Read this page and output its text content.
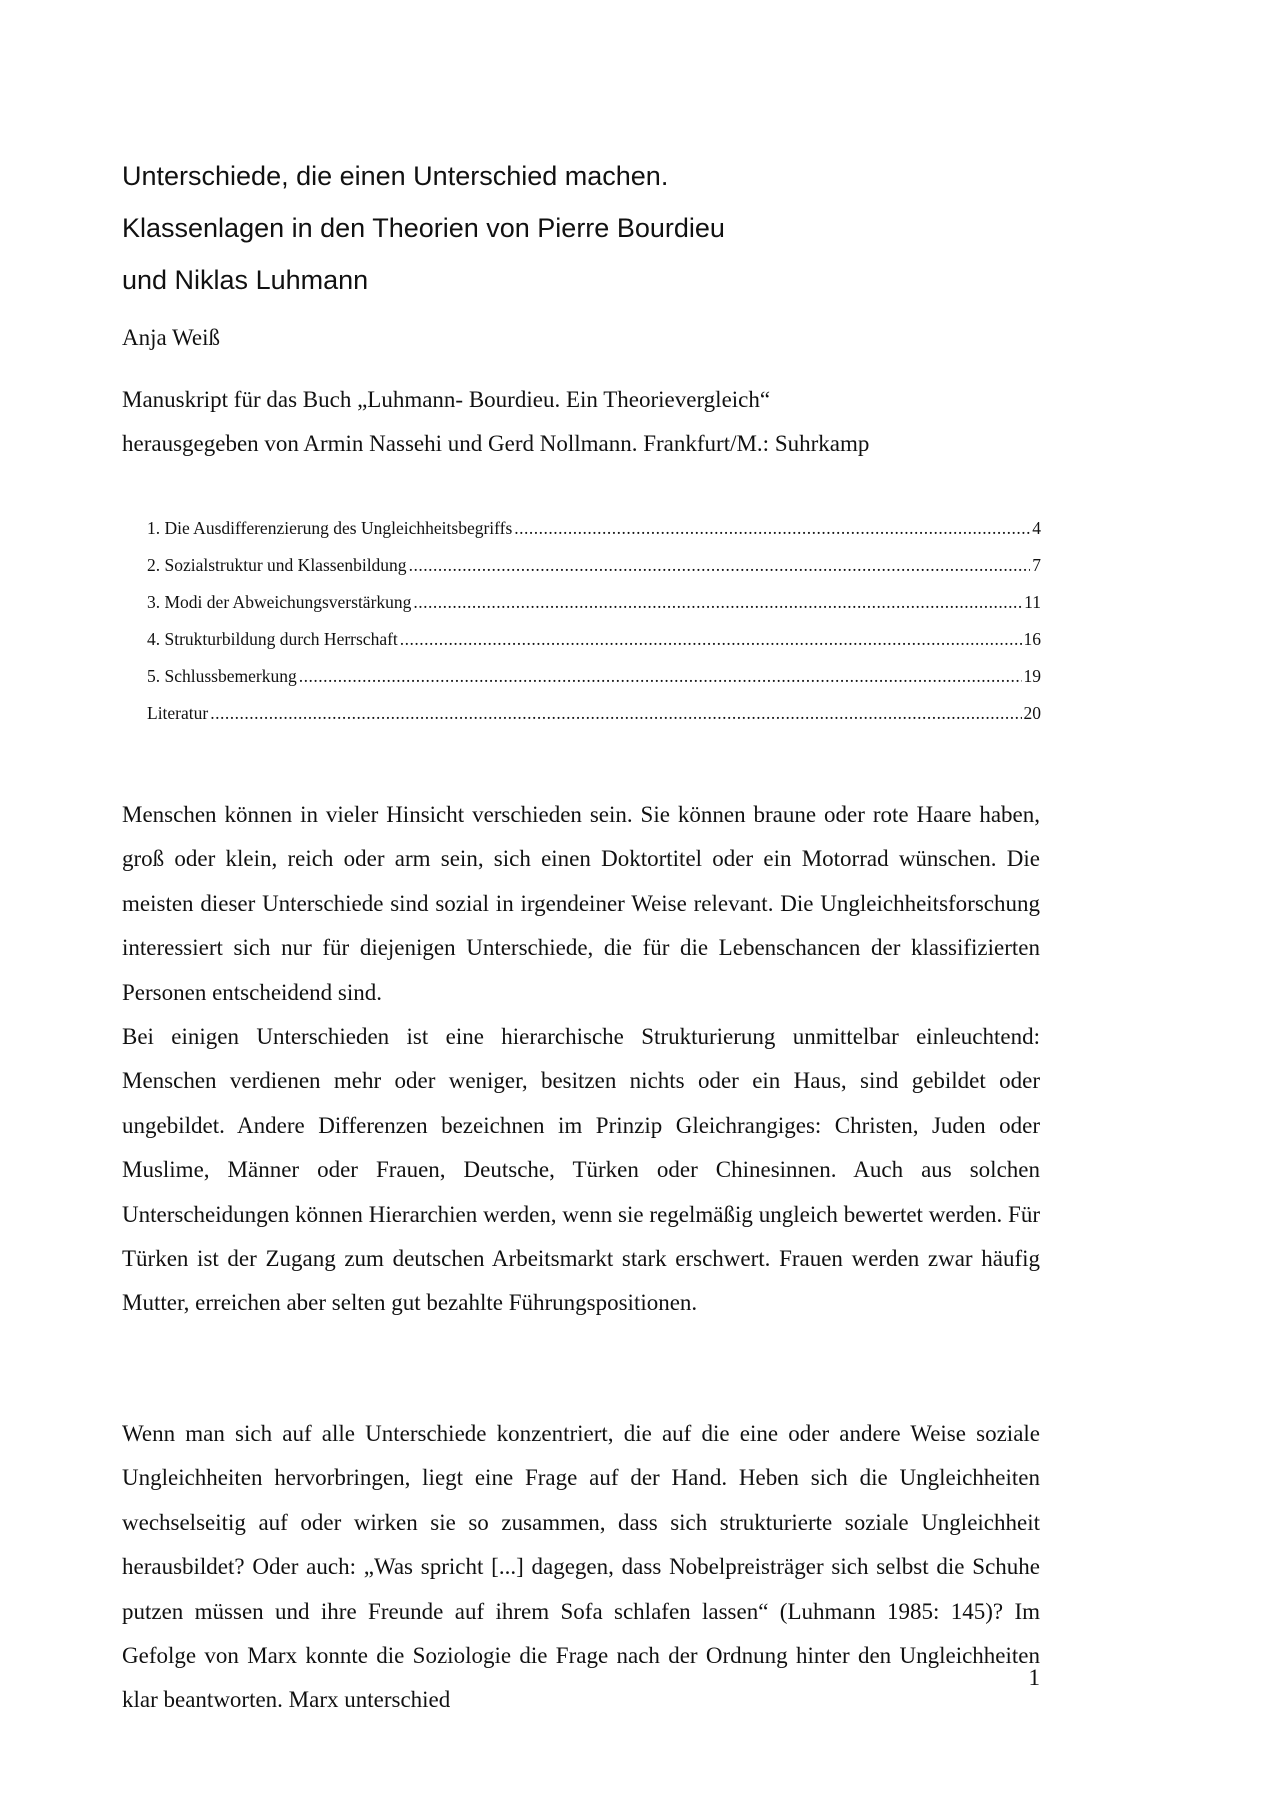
Unterschiede, die einen Unterschied machen.
Klassenlagen in den Theorien von Pierre Bourdieu
und Niklas Luhmann
Anja Weiß
Manuskript für das Buch „Luhmann- Bourdieu. Ein Theorievergleich“
herausgegeben von Armin Nassehi und Gerd Nollmann. Frankfurt/M.: Suhrkamp
1. Die Ausdifferenzierung des Ungleichheitsbegriffs .....	4
2. Sozialstruktur und Klassenbildung .....	7
3. Modi der Abweichungsverstärkung .....	11
4. Strukturbildung durch Herrschaft .....	16
5. Schlussbemerkung .....	19
Literatur .....	20

Menschen können in vieler Hinsicht verschieden sein. Sie können braune oder rote Haare haben, groß oder klein, reich oder arm sein, sich einen Doktortitel oder ein Motorrad wünschen. Die meisten dieser Unterschiede sind sozial in irgendeiner Weise relevant. Die Ungleichheitsforschung interessiert sich nur für diejenigen Unterschiede, die für die Lebenschancen der klassifizierten Personen entscheidend sind.

Bei einigen Unterschieden ist eine hierarchische Strukturierung unmittelbar einleuchtend: Menschen verdienen mehr oder weniger, besitzen nichts oder ein Haus, sind gebildet oder ungebildet. Andere Differenzen bezeichnen im Prinzip Gleichrangiges: Christen, Juden oder Muslime, Männer oder Frauen, Deutsche, Türken oder Chinesinnen. Auch aus solchen Unterscheidungen können Hierarchien werden, wenn sie regelmäßig ungleich bewertet werden. Für Türken ist der Zugang zum deutschen Arbeitsmarkt stark erschwert. Frauen werden zwar häufig Mutter, erreichen aber selten gut bezahlte Führungspositionen.

Wenn man sich auf alle Unterschiede konzentriert, die auf die eine oder andere Weise soziale Ungleichheiten hervorbringen, liegt eine Frage auf der Hand. Heben sich die Ungleichheiten wechselseitig auf oder wirken sie so zusammen, dass sich strukturierte soziale Ungleichheit herausbildet? Oder auch: „Was spricht [...] dagegen, dass Nobelpreisträger sich selbst die Schuhe putzen müssen und ihre Freunde auf ihrem Sofa schlafen lassen“ (Luhmann 1985: 145)? Im Gefolge von Marx konnte die Soziologie die Frage nach der Ordnung hinter den Ungleichheiten klar beantworten. Marx unterschied

1
